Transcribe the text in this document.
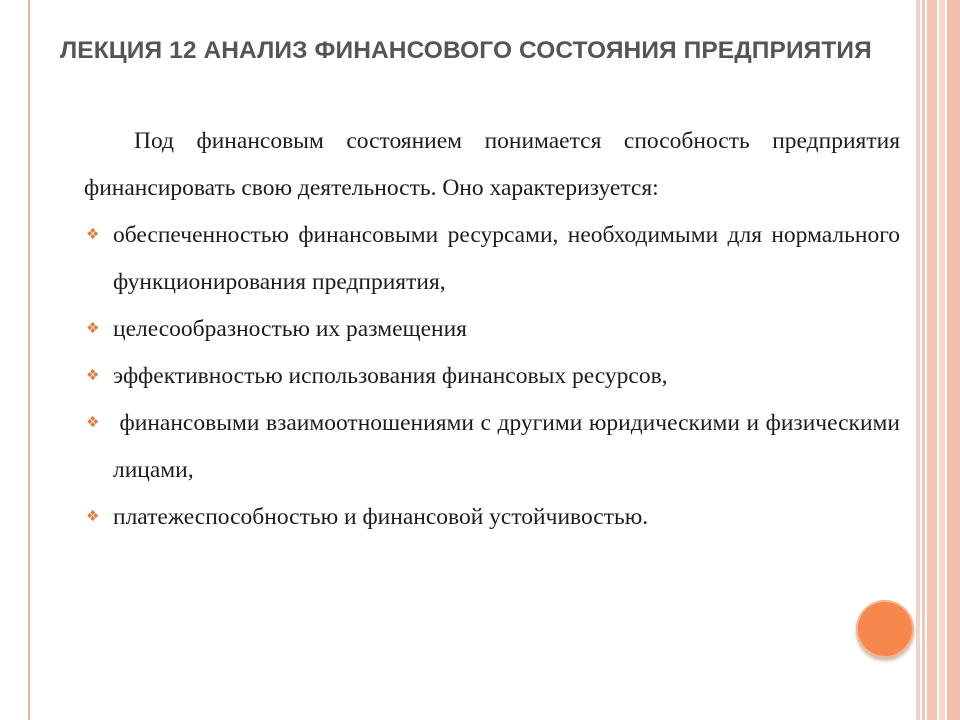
ЛЕКЦИЯ 12 АНАЛИЗ ФИНАНСОВОГО СОСТОЯНИЯ ПРЕДПРИЯТИЯ

Под финансовым состоянием понимается способность предприятия финансировать свою деятельность. Оно характеризуется:

❖ обеспеченностью финансовыми ресурсами, необходимыми для нормального функционирования предприятия,
❖ целесообразностью их размещения
❖ эффективностью использования финансовых ресурсов,
❖ финансовыми взаимоотношениями с другими юридическими и физическими лицами,
❖ платежеспособностью и финансовой устойчивостью.
